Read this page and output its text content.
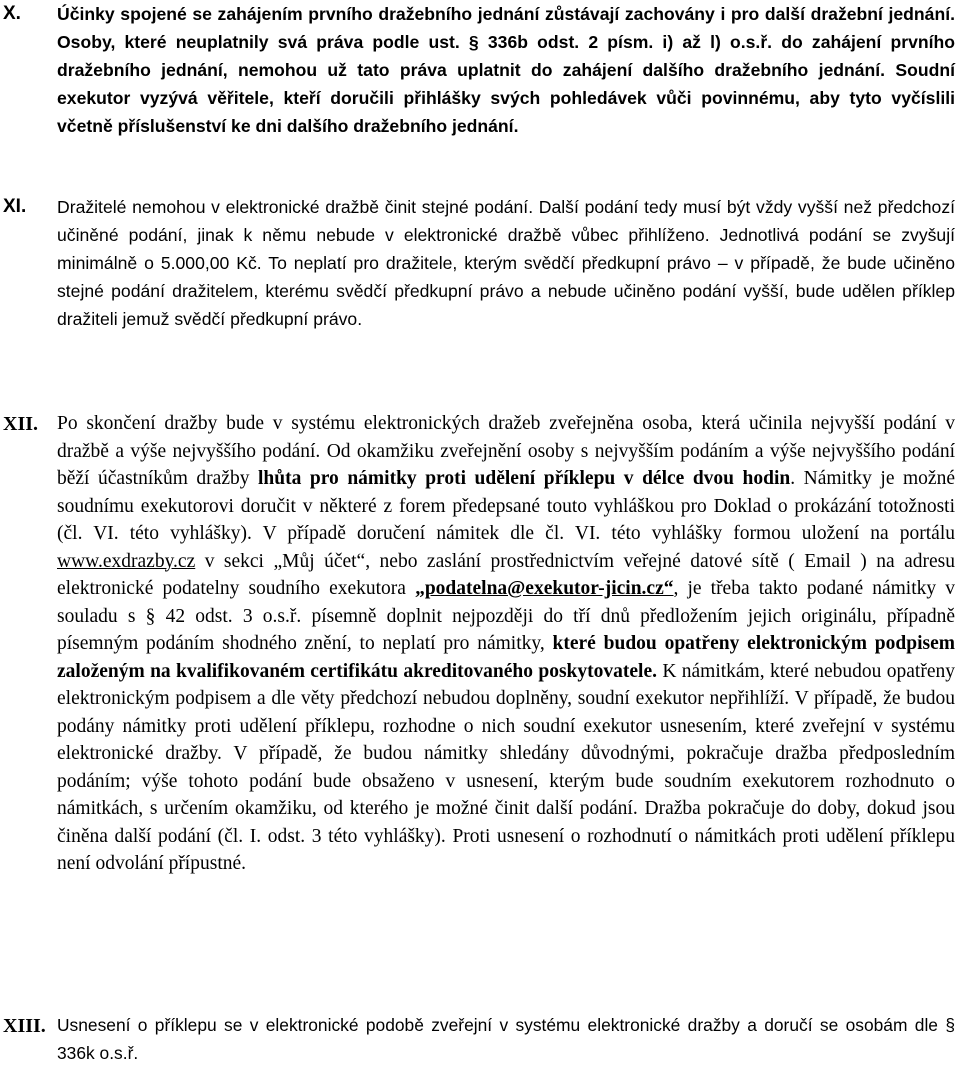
X. Účinky spojené se zahájením prvního dražebního jednání zůstávají zachovány i pro další dražební jednání. Osoby, které neuplatnily svá práva podle ust. § 336b odst. 2 písm. i) až l) o.s.ř. do zahájení prvního dražebního jednání, nemohou už tato práva uplatnit do zahájení dalšího dražebního jednání. Soudní exekutor vyzývá věřitele, kteří doručili přihlášky svých pohledávek vůči povinnému, aby tyto vyčíslili včetně příslušenství ke dni dalšího dražebního jednání.
XI. Dražitelé nemohou v elektronické dražbě činit stejné podání. Další podání tedy musí být vždy vyšší než předchozí učiněné podání, jinak k němu nebude v elektronické dražbě vůbec přihlíženo. Jednotlivá podání se zvyšují minimálně o 5.000,00 Kč. To neplatí pro dražitele, kterým svědčí předkupní právo – v případě, že bude učiněno stejné podání dražitelem, kterému svědčí předkupní právo a nebude učiněno podání vyšší, bude udělen příklep dražiteli jemuž svědčí předkupní právo.
XII. Po skončení dražby bude v systému elektronických dražeb zveřejněna osoba, která učinila nejvyšší podání v dražbě a výše nejvyššího podání. Od okamžiku zveřejnění osoby s nejvyšším podáním a výše nejvyššího podání běží účastníkům dražby lhůta pro námitky proti udělení příklepu v délce dvou hodin. Námitky je možné soudnímu exekutorovi doručit v některé z forem předepsané touto vyhláškou pro Doklad o prokázání totožnosti (čl. VI. této vyhlášky). V případě doručení námitek dle čl. VI. této vyhlášky formou uložení na portálu www.exdrazby.cz v sekci „Můj účet“, nebo zaslání prostřednictvím veřejné datové sítě ( Email ) na adresu elektronické podatelny soudního exekutora „podatelna@exekutor-jicin.cz“, je třeba takto podané námitky v souladu s § 42 odst. 3 o.s.ř. písemně doplnit nejpozději do tří dnů předložením jejich originálu, případně písemným podáním shodného znění, to neplatí pro námitky, které budou opatřeny elektronickým podpisem založeným na kvalifikovaném certifikátu akreditovaného poskytovatele. K námitkám, které nebudou opatřeny elektronickým podpisem a dle věty předchozí nebudou doplněny, soudní exekutor nepřihlíží. V případě, že budou podány námitky proti udělení příklepu, rozhodne o nich soudní exekutor usnesením, které zveřejní v systému elektronické dražby. V případě, že budou námitky shledány důvodnými, pokračuje dražba předposledním podáním; výše tohoto podání bude obsaženo v usnesení, kterým bude soudním exekutorem rozhodnuto o námitkách, s určením okamžiku, od kterého je možné činit další podání. Dražba pokračuje do doby, dokud jsou činěna další podání (čl. I. odst. 3 této vyhlášky). Proti usnesení o rozhodnutí o námitkách proti udělení příklepu není odvolání přípustné.
XIII. Usnesení o příklepu se v elektronické podobě zveřejní v systému elektronické dražby a doručí se osobám dle § 336k o.s.ř.
